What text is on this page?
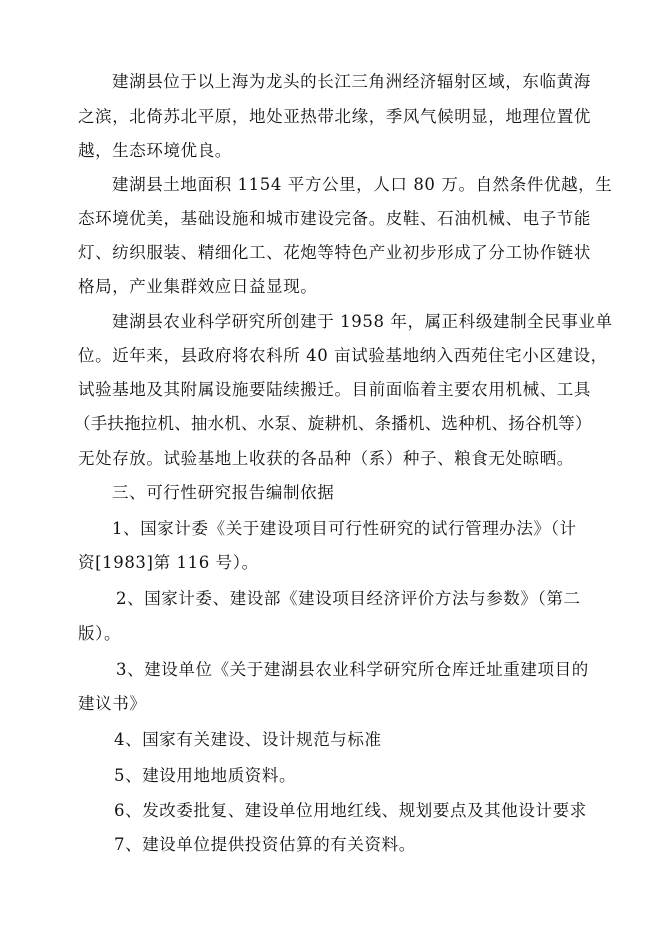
建湖县位于以上海为龙头的长江三角洲经济辐射区域，东临黄海
之滨，北倚苏北平原，地处亚热带北缘，季风气候明显，地理位置优
越，生态环境优良。
建湖县土地面积 1154 平方公里，人口 80 万。自然条件优越，生
态环境优美，基础设施和城市建设完备。皮鞋、石油机械、电子节能
灯、纺织服装、精细化工、花炮等特色产业初步形成了分工协作链状
格局，产业集群效应日益显现。
建湖县农业科学研究所创建于 1958 年，属正科级建制全民事业单
位。近年来，县政府将农科所 40 亩试验基地纳入西苑住宅小区建设，
试验基地及其附属设施要陆续搬迁。目前面临着主要农用机械、工具
（手扶拖拉机、抽水机、水泵、旋耕机、条播机、选种机、扬谷机等）
无处存放。试验基地上收获的各品种（系）种子、粮食无处晾晒。
三、可行性研究报告编制依据
1、国家计委《关于建设项目可行性研究的试行管理办法》（计
资[1983]第 116 号）。
2、国家计委、建设部《建设项目经济评价方法与参数》（第二
版）。
3、建设单位《关于建湖县农业科学研究所仓库迁址重建项目的
建议书》
4、国家有关建设、设计规范与标准
5、建设用地地质资料。
6、发改委批复、建设单位用地红线、规划要点及其他设计要求
7、建设单位提供投资估算的有关资料。
